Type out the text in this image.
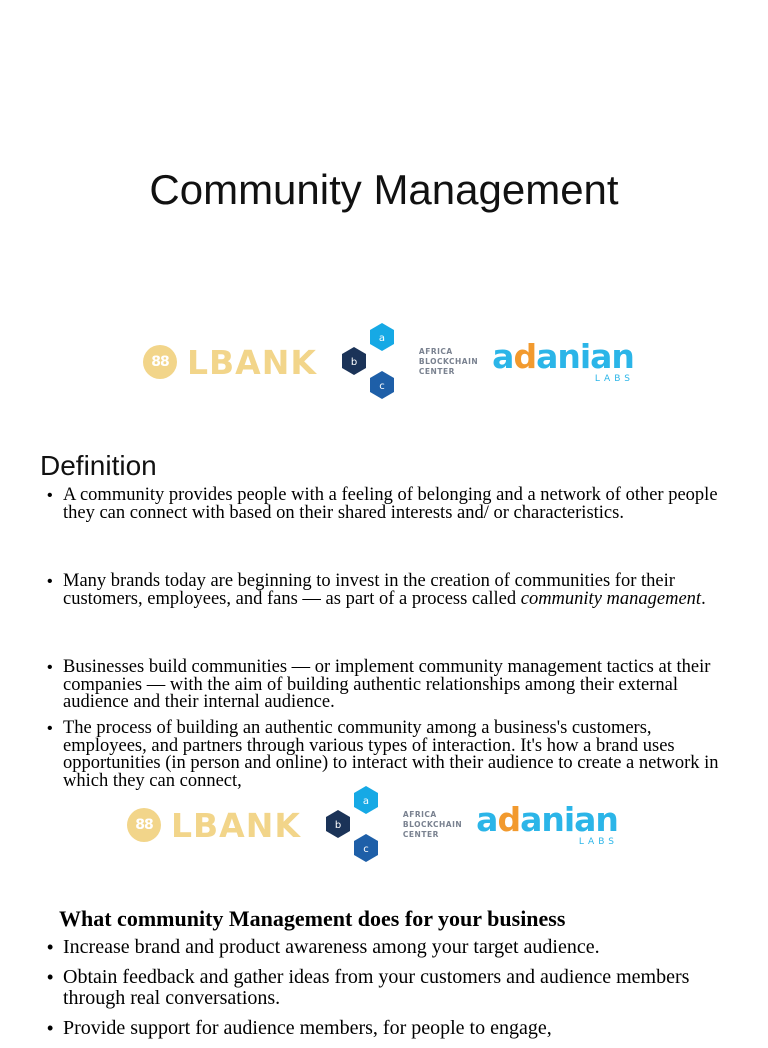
Community Management
88 LBANK	b
a
c
AFRICA
BLOCKCHAIN
CENTER	adanian
LABS
Definition
• A community provides people with a feeling of belonging and a network of other people they can connect with based on their shared interests and/ or characteristics.
• Many brands today are beginning to invest in the creation of communities for their customers, employees, and fans — as part of a process called community management.
• Businesses build communities — or implement community management tactics at their companies — with the aim of building authentic relationships among their external audience and their internal audience.
• The process of building an authentic community among a business's customers, employees, and partners through various types of interaction. It's how a brand uses opportunities (in person and online) to interact with their audience to create a network in which they can connect,
88 LBANK	b
a
c
AFRICA
BLOCKCHAIN
CENTER	adanian
LABS
What community Management does for your business
• Increase brand and product awareness among your target audience.
• Obtain feedback and gather ideas from your customers and audience members through real conversations.
• Provide support for audience members, for people to engage,
